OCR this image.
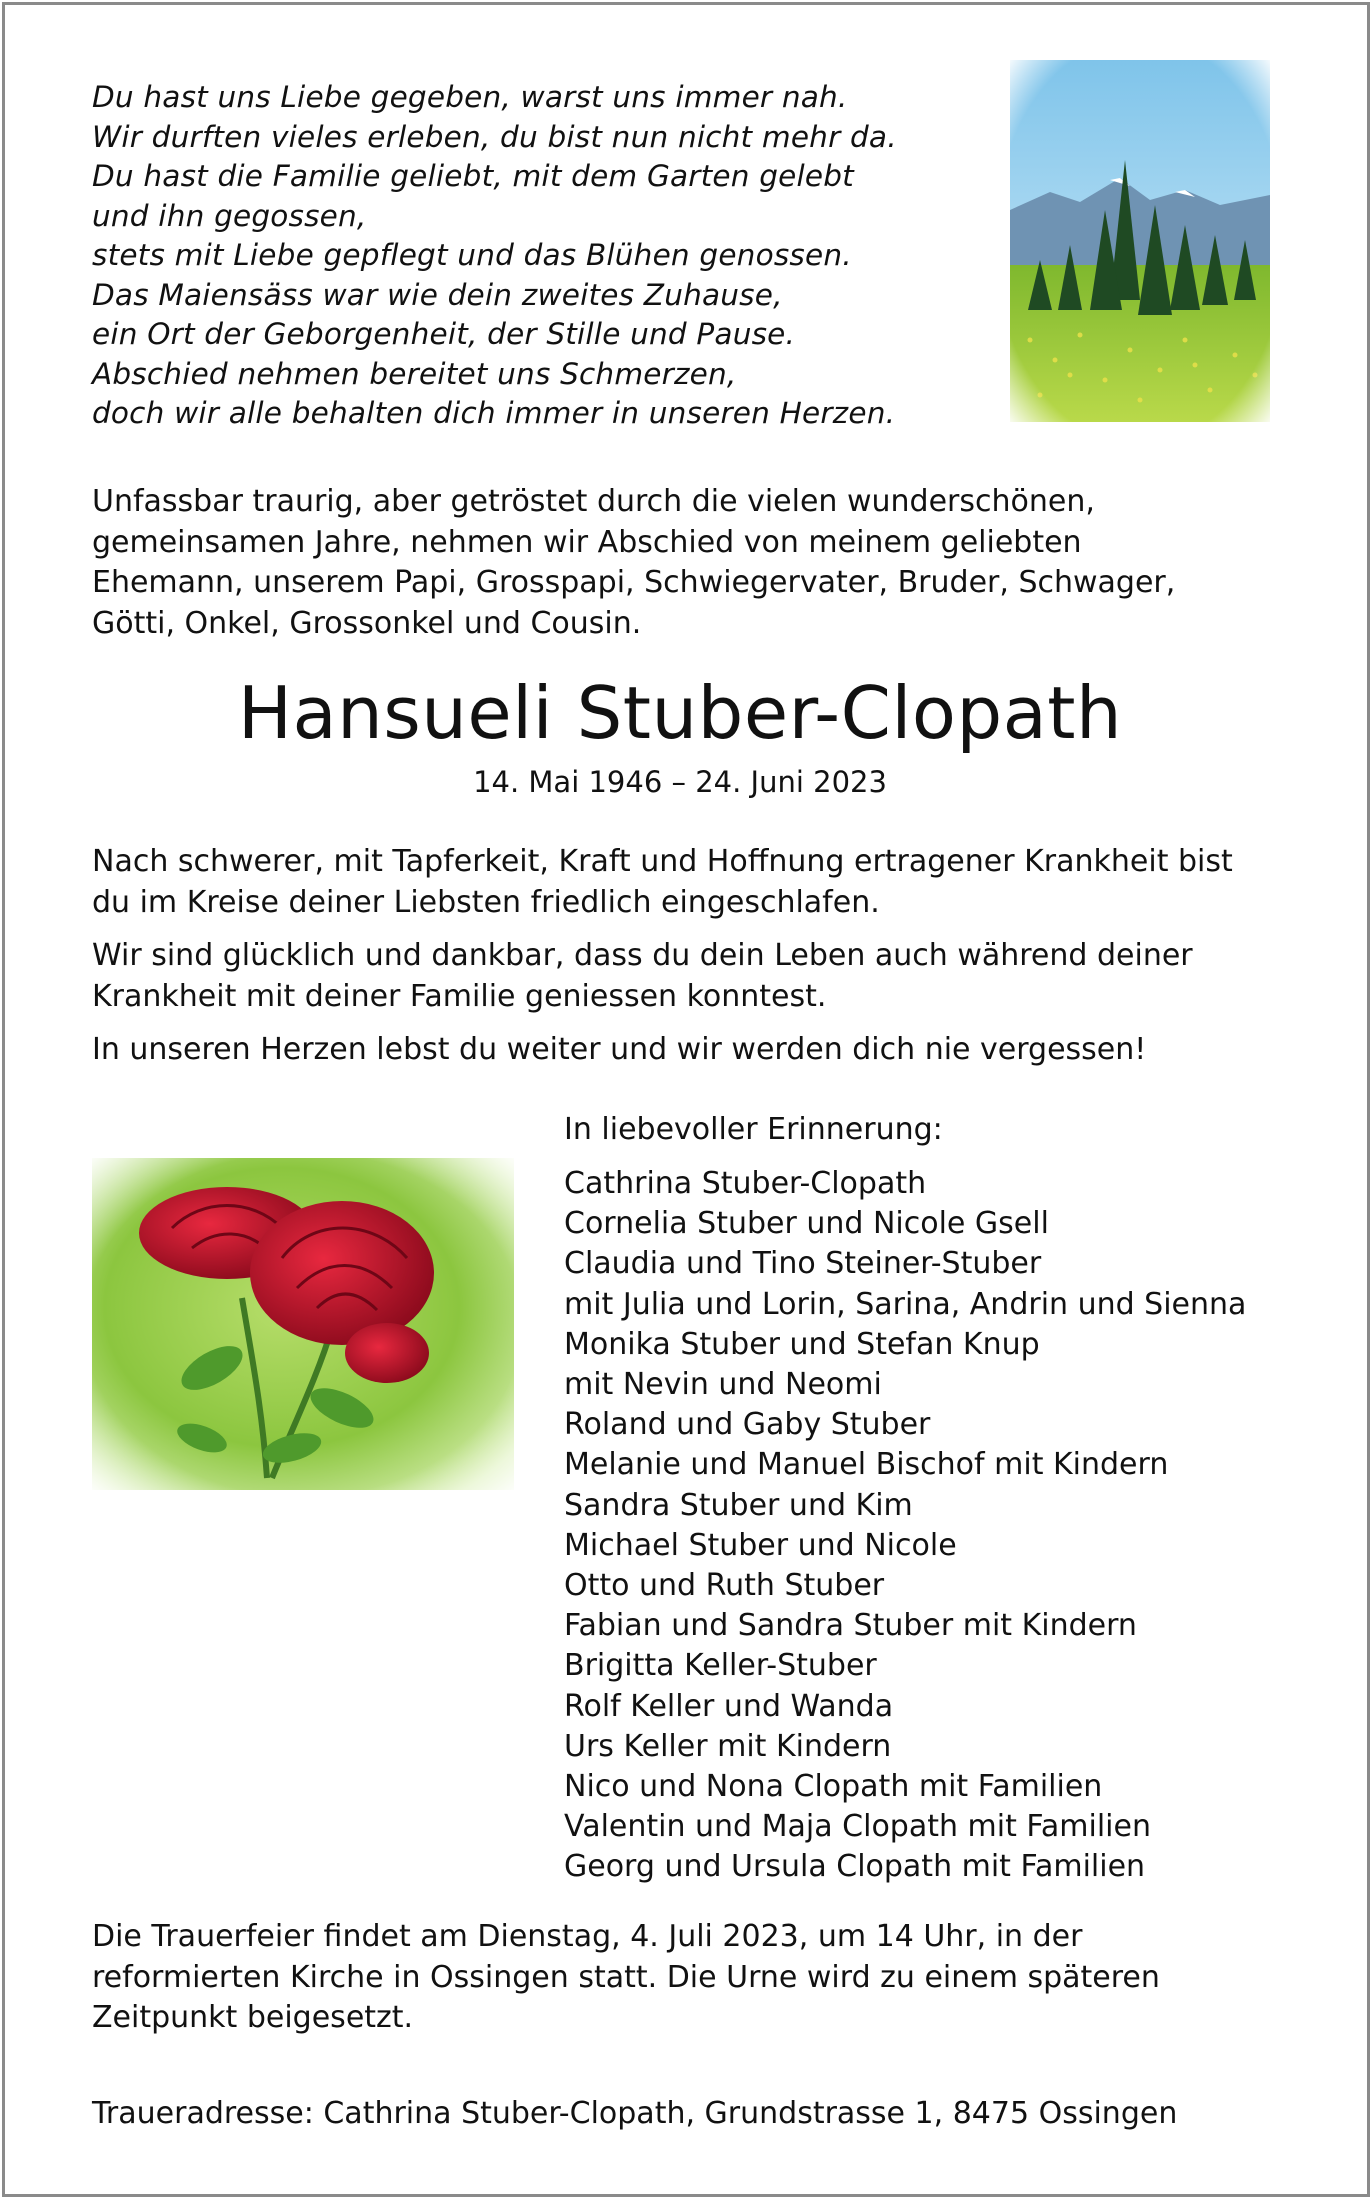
Du hast uns Liebe gegeben, warst uns immer nah.
Wir durften vieles erleben, du bist nun nicht mehr da.
Du hast die Familie geliebt, mit dem Garten gelebt
und ihn gegossen,
stets mit Liebe gepflegt und das Blühen genossen.
Das Maiensäss war wie dein zweites Zuhause,
ein Ort der Geborgenheit, der Stille und Pause.
Abschied nehmen bereitet uns Schmerzen,
doch wir alle behalten dich immer in unseren Herzen.
Unfassbar traurig, aber getröstet durch die vielen wunderschönen,
gemeinsamen Jahre, nehmen wir Abschied von meinem geliebten
Ehemann, unserem Papi, Grosspapi, Schwiegervater, Bruder, Schwager,
Götti, Onkel, Grossonkel und Cousin.
Hansueli Stuber-Clopath
14. Mai 1946 – 24. Juni 2023
Nach schwerer, mit Tapferkeit, Kraft und Hoffnung ertragener Krankheit bist
du im Kreise deiner Liebsten friedlich eingeschlafen.
Wir sind glücklich und dankbar, dass du dein Leben auch während deiner
Krankheit mit deiner Familie geniessen konntest.
In unseren Herzen lebst du weiter und wir werden dich nie vergessen!
In liebevoller Erinnerung:
Cathrina Stuber-Clopath
Cornelia Stuber und Nicole Gsell
Claudia und Tino Steiner-Stuber
mit Julia und Lorin, Sarina, Andrin und Sienna
Monika Stuber und Stefan Knup
mit Nevin und Neomi
Roland und Gaby Stuber
Melanie und Manuel Bischof mit Kindern
Sandra Stuber und Kim
Michael Stuber und Nicole
Otto und Ruth Stuber
Fabian und Sandra Stuber mit Kindern
Brigitta Keller-Stuber
Rolf Keller und Wanda
Urs Keller mit Kindern
Nico und Nona Clopath mit Familien
Valentin und Maja Clopath mit Familien
Georg und Ursula Clopath mit Familien
Die Trauerfeier findet am Dienstag, 4. Juli 2023, um 14 Uhr, in der
reformierten Kirche in Ossingen statt. Die Urne wird zu einem späteren
Zeitpunkt beigesetzt.
Traueradresse: Cathrina Stuber-Clopath, Grundstrasse 1, 8475 Ossingen
